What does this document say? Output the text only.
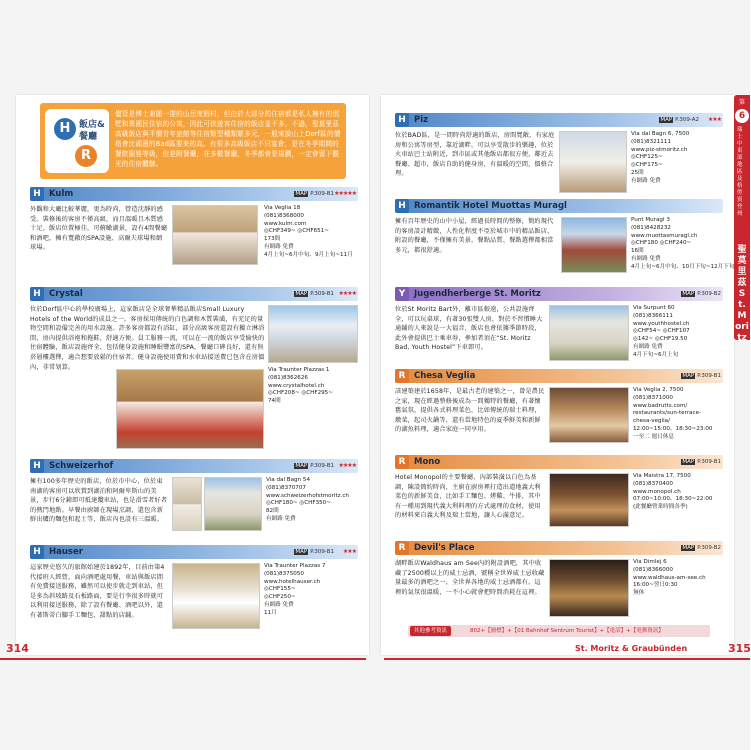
H
R
飯店&餐廳
儘管是博士兼題一提的山岳度假村，但由於大部分的住宿都是私人擁有的別墅和異國民住宿的公寓，因此可供遊客住宿的飯店並不多。不過，聖莫里茲高級飯店與平價青年旅館等住宿類型種類繁多元，一般來說山上Dorf區的價格會比湖邊的Bad區要來的高。有很多高級飯店不只宴會，是在冬季期間的餐飲服務等級，但是附餐廳，在多數餐廳，冬季都會是規劃，一定會留下觀光的住宿體驗。
H Kulm	MAP P.309-B1 ★★★★★
外觀和大廳比較華麗，更為時尚，營造沈靜的感受。裝修後的客房不僅高級，而且溫暖且木質感十足。飯店位置極佳，可俯瞰湖景，設有4間餐廳和酒吧，擁有寬敞的SPA設施、高爾夫球場和網球場。
Via Veglia 18
(081)8368000
www.kulm.com
◎CHF349~ ◎CHF651~
173間
有網路 免費
4月上旬~6月中旬、9月上旬~11月
H Crystal	MAP P.309-B1 ★★★★
位於Dorf區中心的學校廣場上，這家飯店是全球奢華精品飯店Small Luxury Hotels of the World的成員之一。客房採用傳統的白色調和木質裝潢，有充足的量物空間和設備完善的用水設施。許多客房都設有浴缸，部分高級客房還設有獨立淋浴間，房內提供浴袍和拖鞋，舒適方便。員工服務一流，可以在一流的飯店享受愉快的住宿體驗，飯店設施齊全，包括健身設施和睡眠豐富的SPA，餐廳口碑良好，還有無菸層樓選擇，適合想要放鬆的住宿者。健身設施使用費和水車站接送費已包含在房價內，非常划算。	Via Traunter Plazzas 1
(081)8362626
www.crystalhotel.ch
◎CHF208~ ◎CHF295~
74間
H Schweizerhof	MAP P.309-B1 ★★★★
擁有100多年歷史的飯店，位於市中心，位於東南湖的客房可以欣賞到湖泊和阿爾卑斯山的美景，步行6分鐘即可抵達纜車站，也是滑雪者好者的熱門地點。早餐由廚師在現場烹調，還包含新鮮出爐的麵包和起士等，飯店內也設有三溫暖。
Via dal Bagn 54
(081)8370707
www.schweizerhofstmoritz.ch
◎CHF180~ ◎CHF350~
82間
有網路 免費
H Hauser	MAP P.309-B1 ★★★
這家歷史悠久的旅館始建於1892年，目前由第4代接班人經營，面向酒吧處用餐，車站與飯店間有免費接送服務，雖然可以使步就走到車站，但是多為斜坡路及石板路面，要是行李很多時就可以利用接送服務，除了設有餐廳、酒吧以外，還有著斯蒂白腳手工麵包、甜點的店鋪。
Via Traunter Plazzas 7
(081)8375050
www.hotelhauser.ch
◎CHF155~
◎CHF250~
有網路 免費
11月
H Piz	MAP P.309-A2 ★★★
位於BAD區，是一間時尚舒適的飯店，房間寬敞，有家庭房和公寓等房型，靠近湖畔，可以享受散步的樂趣，位於火車站巴士站附近，到市區或其他飯店都很方便，鄰近去餐廳、超市，飯店自助的健身房，有溫暖的空間，價格合理。
Via dal Bagn 6, 7500
(081)8321111
www.piz-stmoritz.ch
◎CHF125~
◎CHF175~
25間
有網路 免費
H Romantik Hotel Muottas Muragl
擁有百年歷史的山中小屋，經過長時間的整修，簡約現代的客房設計精緻，人性化程度不亞於城市中的精品飯店，附設的餐廳，不僅擁有美景，餐點品質、餐點選擇都相當多元，都很舒適。
Punt Muragl 3
(081)8428232
www.muottasmuragl.ch
◎CHF180 ◎CHF240~
16間
有網路 免費
4月上旬~6月中旬、10月下旬~12月下旬
Y	Jugendherberge St. Moritz	MAP P.309-B2
位於St Moritz Bart外，離市區較遠，公共設施齊全，可以玩桌球，有著30張雙人房，對於不習慣睡大通鋪的人來說是一大福音，飯店也會依據季節時段，此外會提供巴士乘車券，參加者須在“St. Moritz Bad, Youth Hostel”下車即可。
Via Surpunt 60
(081)8366111
www.youthhostel.ch
◎CHF54~ ◎CHF107
◎142~ ◎CHF19.50
有網路 免費
4月下旬~6月上旬
R	Chesa Veglia	MAP P.309-B1
該建築建於1658年，是最古老的建築之一，曾是農民之家，現在經過整修後成為一間獨特的餐廳，有著懷舊氣氛，提供各式料理菜色，比如傳統的瑞士料理，燉菜，起司火鍋等，還有當地特色的夏季鮮美和新鮮的湖魚料理，適合家庭一同享用。
Via Veglia 2, 7500
(081)8371000
www.badrutts.com/
restaurants/sun-terrace-
chesa-veglia/
12:00~15:00、18:30~23:00
一至二 週日休息
R	Mono	MAP P.309-B1
Hotel Monopol的主要餐廳，內部裝潢以白色為基調，陳設簡約時尚，主廚在廚房裡打造出道地義大利菜色的新鮮美食，比如手工麵包、烤雞、牛排，其中有一種用到現代義大利料理的方式處理的食材，使用的材料來自義大利及瑞士當地，讓人心滿意足。
Via Maistra 17, 7500
(081)8370400
www.monopol.ch
07:00~10:00、18:30~22:00
(此餐廳營業時間各季)
R	Devil's Place	MAP P.309-B2
湖畔飯店Waldhaus am See內的附設酒吧，其中收藏了2500種以上的威士忌酒，號稱全世界威士忌收藏量最多的酒吧之一，全世界各地的威士忌酒都有。這裡的氣氛很溫暖，一不小心就會把時間消耗在這裡。
Via Dimlej 6
(081)8366000
www.waldhaus-am-see.ch
16:00~翌日0:30
無休
第
6
瑞士中東部地區及格勞賓登州
聖莫里茲St. Moritz
其他參考資訊	802+【圖標】+【01 Bahnhof Sentrum Tourist】+【電話】+【電郵資訊】
314	St. Moritz & Graubünden	315
